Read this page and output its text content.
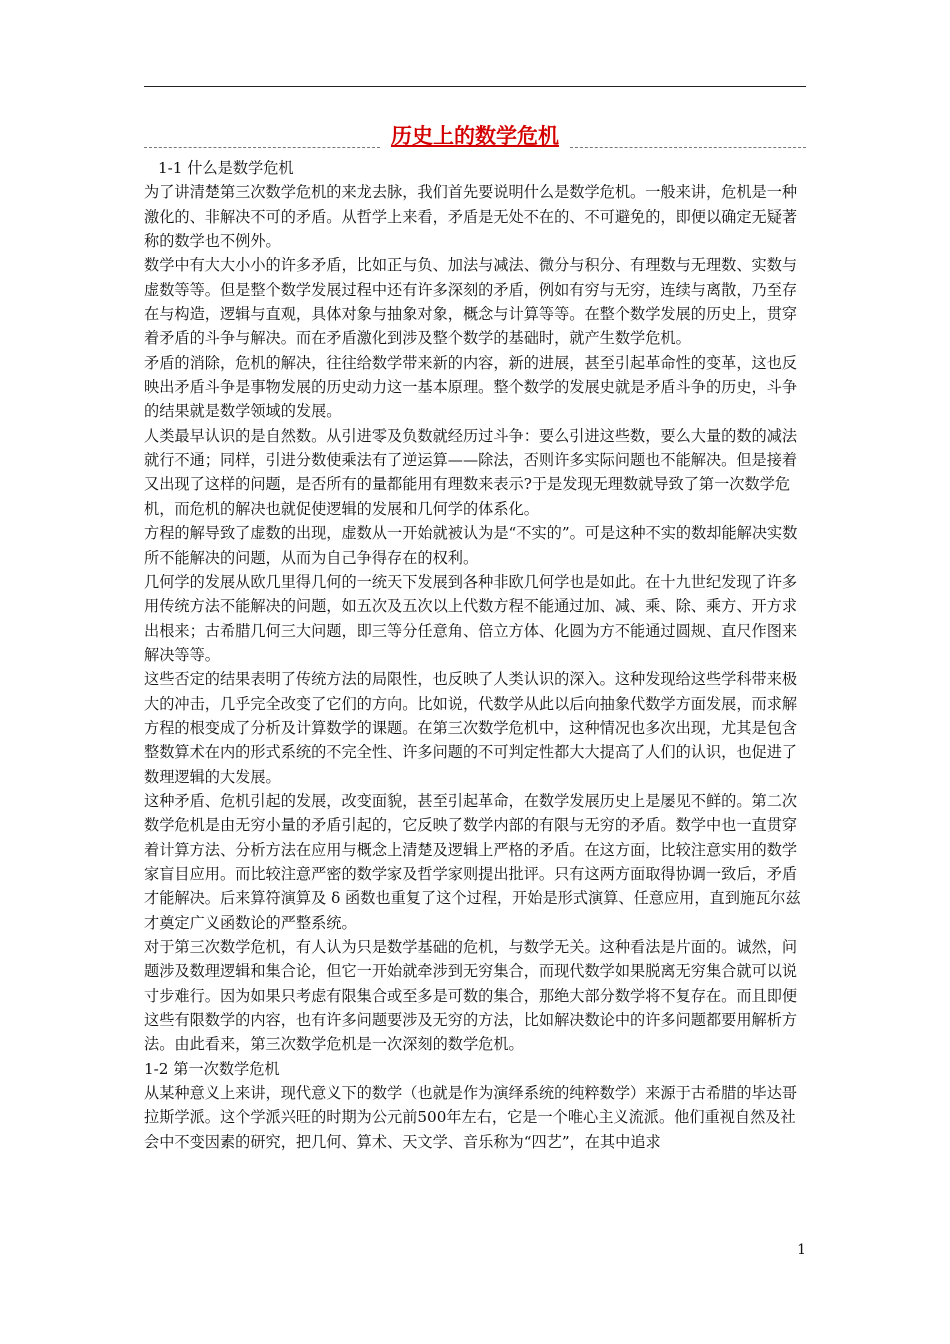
历史上的数学危机

1-1 什么是数学危机

为了讲清楚第三次数学危机的来龙去脉，我们首先要说明什么是数学危机。一般来讲，危机是一种激化的、非解决不可的矛盾。从哲学上来看，矛盾是无处不在的、不可避免的，即便以确定无疑著称的数学也不例外。

数学中有大大小小的许多矛盾，比如正与负、加法与减法、微分与积分、有理数与无理数、实数与虚数等等。但是整个数学发展过程中还有许多深刻的矛盾，例如有穷与无穷，连续与离散，乃至存在与构造，逻辑与直观，具体对象与抽象对象，概念与计算等等。在整个数学发展的历史上，贯穿着矛盾的斗争与解决。而在矛盾激化到涉及整个数学的基础时，就产生数学危机。

矛盾的消除，危机的解决，往往给数学带来新的内容，新的进展，甚至引起革命性的变革，这也反映出矛盾斗争是事物发展的历史动力这一基本原理。整个数学的发展史就是矛盾斗争的历史，斗争的结果就是数学领域的发展。

人类最早认识的是自然数。从引进零及负数就经历过斗争：要么引进这些数，要么大量的数的减法就行不通；同样，引进分数使乘法有了逆运算——除法，否则许多实际问题也不能解决。但是接着又出现了这样的问题，是否所有的量都能用有理数来表示?于是发现无理数就导致了第一次数学危机，而危机的解决也就促使逻辑的发展和几何学的体系化。

方程的解导致了虚数的出现，虚数从一开始就被认为是“不实的”。可是这种不实的数却能解决实数所不能解决的问题，从而为自己争得存在的权利。

几何学的发展从欧几里得几何的一统天下发展到各种非欧几何学也是如此。在十九世纪发现了许多用传统方法不能解决的问题，如五次及五次以上代数方程不能通过加、减、乘、除、乘方、开方求出根来；古希腊几何三大问题，即三等分任意角、倍立方体、化圆为方不能通过圆规、直尺作图来解决等等。

这些否定的结果表明了传统方法的局限性，也反映了人类认识的深入。这种发现给这些学科带来极大的冲击，几乎完全改变了它们的方向。比如说，代数学从此以后向抽象代数学方面发展，而求解方程的根变成了分析及计算数学的课题。在第三次数学危机中，这种情况也多次出现，尤其是包含整数算术在内的形式系统的不完全性、许多问题的不可判定性都大大提高了人们的认识，也促进了数理逻辑的大发展。

这种矛盾、危机引起的发展，改变面貌，甚至引起革命，在数学发展历史上是屡见不鲜的。第二次数学危机是由无穷小量的矛盾引起的，它反映了数学内部的有限与无穷的矛盾。数学中也一直贯穿着计算方法、分析方法在应用与概念上清楚及逻辑上严格的矛盾。在这方面，比较注意实用的数学家盲目应用。而比较注意严密的数学家及哲学家则提出批评。只有这两方面取得协调一致后，矛盾才能解决。后来算符演算及 δ 函数也重复了这个过程，开始是形式演算、任意应用，直到施瓦尔兹才奠定广义函数论的严整系统。

对于第三次数学危机，有人认为只是数学基础的危机，与数学无关。这种看法是片面的。诚然，问题涉及数理逻辑和集合论，但它一开始就牵涉到无穷集合，而现代数学如果脱离无穷集合就可以说寸步难行。因为如果只考虑有限集合或至多是可数的集合，那绝大部分数学将不复存在。而且即便这些有限数学的内容，也有许多问题要涉及无穷的方法，比如解决数论中的许多问题都要用解析方法。由此看来，第三次数学危机是一次深刻的数学危机。

1-2 第一次数学危机

从某种意义上来讲，现代意义下的数学（也就是作为演绎系统的纯粹数学）来源于古希腊的毕达哥拉斯学派。这个学派兴旺的时期为公元前500年左右，它是一个唯心主义流派。他们重视自然及社会中不变因素的研究，把几何、算术、天文学、音乐称为“四艺”，在其中追求

1
